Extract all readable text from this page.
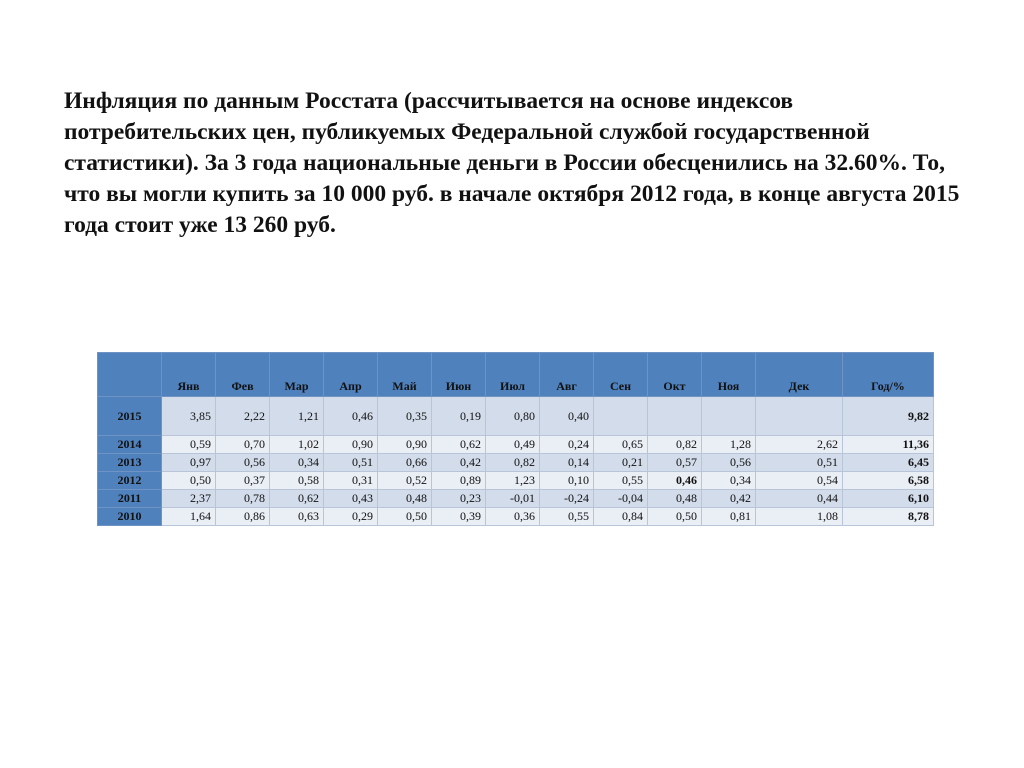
Инфляция по данным Росстата (рассчитывается на основе индексов потребительских цен, публикуемых Федеральной службой государственной статистики). За 3 года национальные деньги в России обесценились на 32.60%. То, что вы могли купить за 10 000 руб. в начале октября 2012 года, в конце августа 2015 года стоит уже 13 260 руб.

	Янв	Фев	Мар	Апр	Май	Июн	Июл	Авг	Сен	Окт	Ноя	Дек	Год/%
2015	3,85	2,22	1,21	0,46	0,35	0,19	0,80	0,40					9,82
2014	0,59	0,70	1,02	0,90	0,90	0,62	0,49	0,24	0,65	0,82	1,28	2,62	11,36
2013	0,97	0,56	0,34	0,51	0,66	0,42	0,82	0,14	0,21	0,57	0,56	0,51	6,45
2012	0,50	0,37	0,58	0,31	0,52	0,89	1,23	0,10	0,55	0,46	0,34	0,54	6,58
2011	2,37	0,78	0,62	0,43	0,48	0,23	-0,01	-0,24	-0,04	0,48	0,42	0,44	6,10
2010	1,64	0,86	0,63	0,29	0,50	0,39	0,36	0,55	0,84	0,50	0,81	1,08	8,78
